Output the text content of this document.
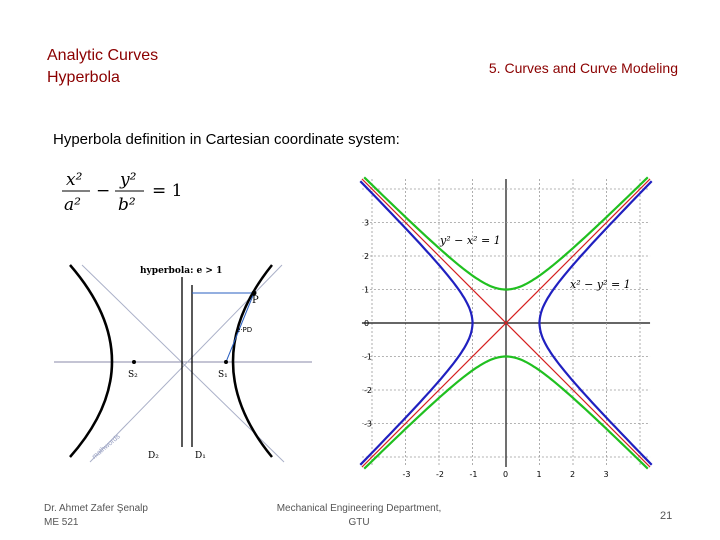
Analytic Curves
Hyperbola
5. Curves and Curve Modeling
Hyperbola definition in Cartesian coordinate system:
x²
a²
−
y²
b²
= 1
hyperbola: e > 1
P
e·PD
S₂	S₁
D₂	D₁
mathwords
-3	-2	-1	0	1	2	3
3
2
1
0
-1
-2
-3
y² − x² = 1
x² − y² = 1
Dr. Ahmet Zafer Şenalp
ME 521
Mechanical Engineering Department,
GTU
21
